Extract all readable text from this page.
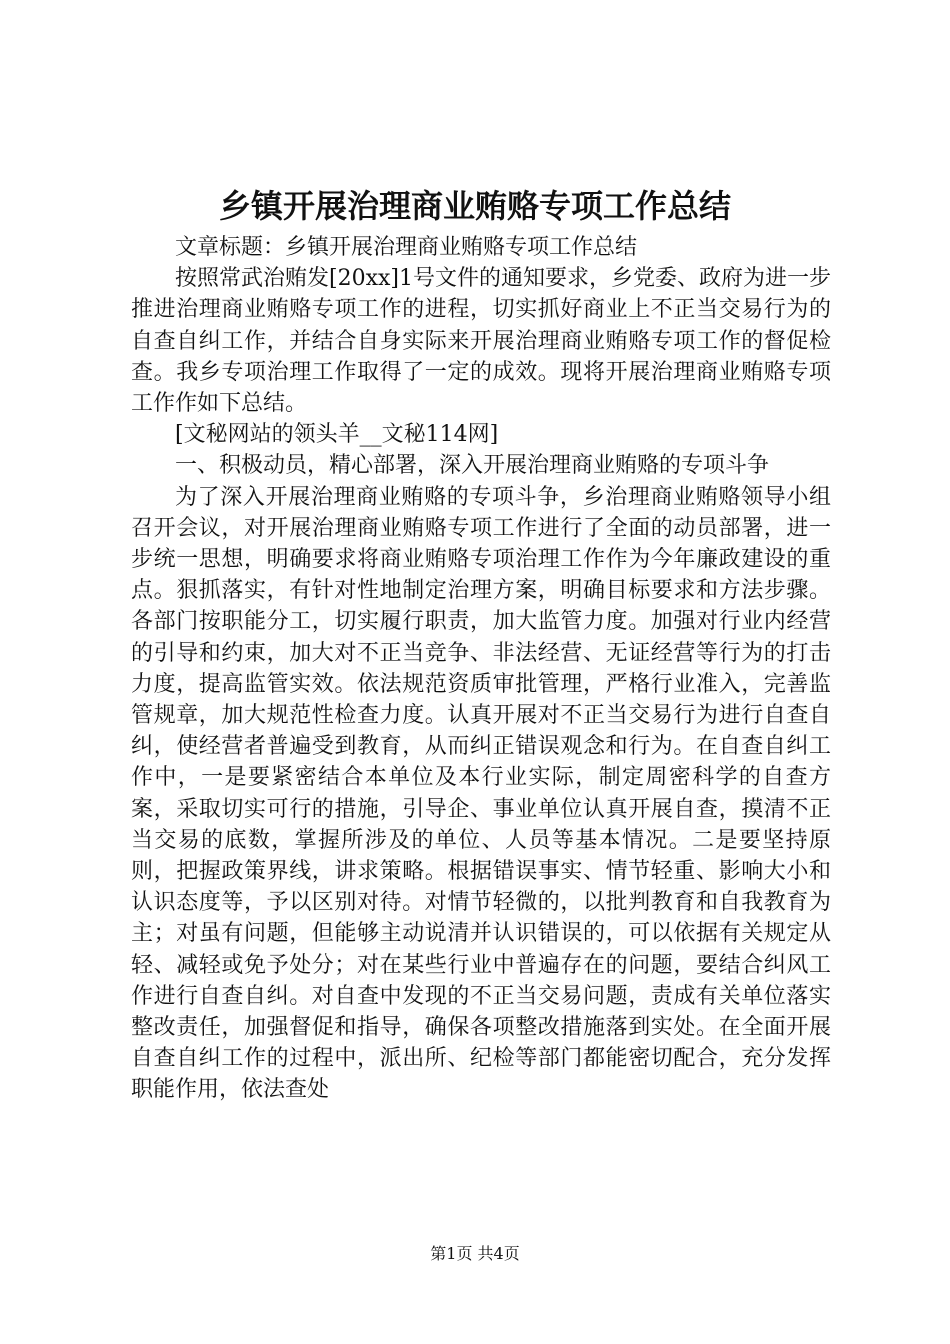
乡镇开展治理商业贿赂专项工作总结

文章标题：乡镇开展治理商业贿赂专项工作总结

按照常武治贿发[20xx]1号文件的通知要求，乡党委、政府为进一步推进治理商业贿赂专项工作的进程，切实抓好商业上不正当交易行为的自查自纠工作，并结合自身实际来开展治理商业贿赂专项工作的督促检查。我乡专项治理工作取得了一定的成效。现将开展治理商业贿赂专项工作作如下总结。

[文秘网站的领头羊__文秘114网]

一、积极动员，精心部署，深入开展治理商业贿赂的专项斗争

为了深入开展治理商业贿赂的专项斗争，乡治理商业贿赂领导小组召开会议，对开展治理商业贿赂专项工作进行了全面的动员部署，进一步统一思想，明确要求将商业贿赂专项治理工作作为今年廉政建设的重点。狠抓落实，有针对性地制定治理方案，明确目标要求和方法步骤。各部门按职能分工，切实履行职责，加大监管力度。加强对行业内经营的引导和约束，加大对不正当竞争、非法经营、无证经营等行为的打击力度，提高监管实效。依法规范资质审批管理，严格行业准入，完善监管规章，加大规范性检查力度。认真开展对不正当交易行为进行自查自纠，使经营者普遍受到教育，从而纠正错误观念和行为。在自查自纠工作中，一是要紧密结合本单位及本行业实际，制定周密科学的自查方案，采取切实可行的措施，引导企、事业单位认真开展自查，摸清不正当交易的底数，掌握所涉及的单位、人员等基本情况。二是要坚持原则，把握政策界线，讲求策略。根据错误事实、情节轻重、影响大小和认识态度等，予以区别对待。对情节轻微的，以批判教育和自我教育为主；对虽有问题，但能够主动说清并认识错误的，可以依据有关规定从轻、减轻或免予处分；对在某些行业中普遍存在的问题，要结合纠风工作进行自查自纠。对自查中发现的不正当交易问题，责成有关单位落实整改责任，加强督促和指导，确保各项整改措施落到实处。在全面开展自查自纠工作的过程中，派出所、纪检等部门都能密切配合，充分发挥职能作用，依法查处

第1页 共4页
